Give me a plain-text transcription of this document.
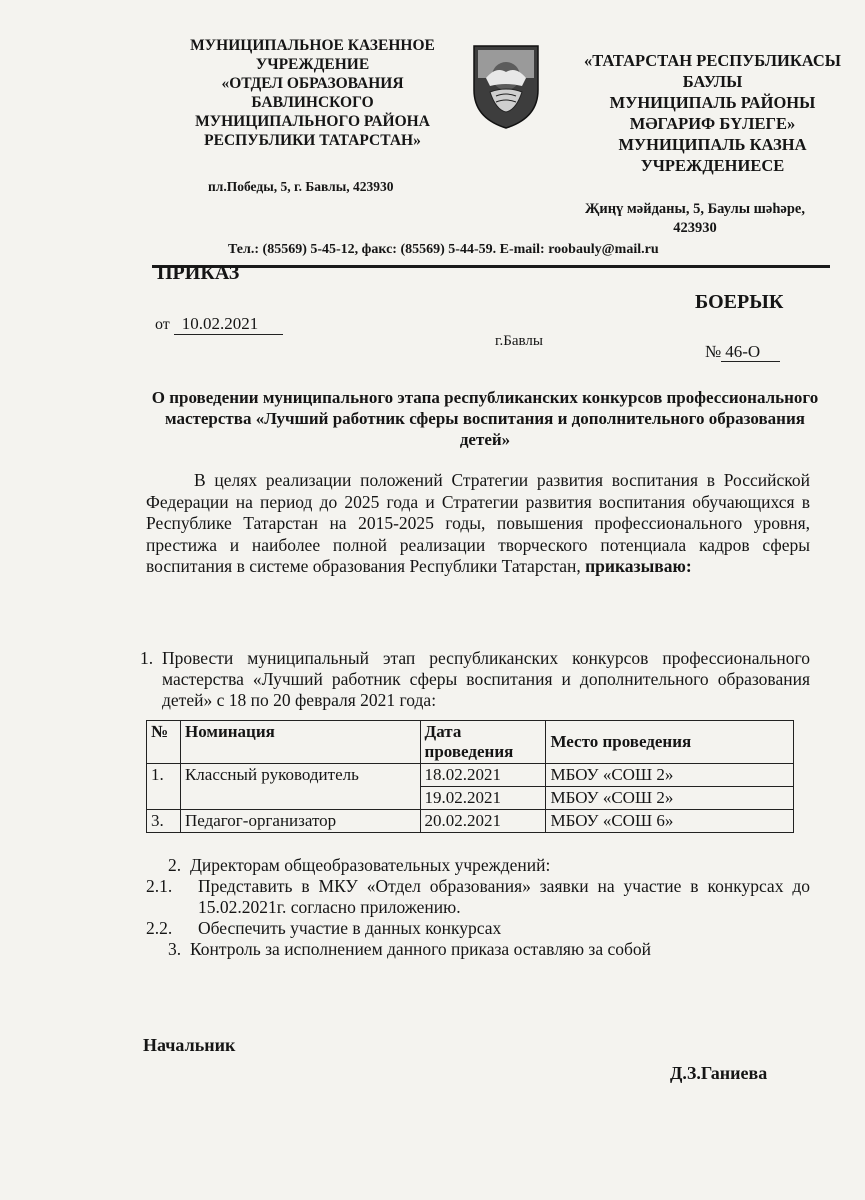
МУНИЦИПАЛЬНОЕ КАЗЕННОЕ УЧРЕЖДЕНИЕ
«ОТДЕЛ ОБРАЗОВАНИЯ
БАВЛИНСКОГО
МУНИЦИПАЛЬНОГО РАЙОНА
РЕСПУБЛИКИ ТАТАРСТАН»
пл.Победы, 5, г. Бавлы, 423930
«ТАТАРСТАН РЕСПУБЛИКАСЫ
БАУЛЫ
МУНИЦИПАЛЬ РАЙОНЫ
МӘГАРИФ БҮЛЕГЕ»
МУНИЦИПАЛЬ КАЗНА
УЧРЕЖДЕНИЕСЕ
Җиңү мәйданы, 5, Баулы шәһәре,
423930
Тел.: (85569) 5-45-12, факс: (85569) 5-44-59. E-mail: roobauly@mail.ru
ПРИКАЗ
БОЕРЫК
от 10.02.2021
г.Бавлы
№ 46-О
О проведении муниципального этапа республиканских конкурсов профессионального мастерства «Лучший работник сферы воспитания и дополнительного образования детей»
В целях реализации положений Стратегии развития воспитания в Российской Федерации на период до 2025 года и Стратегии развития воспитания обучающихся в Республике Татарстан на 2015-2025 годы, повышения профессионального уровня, престижа и наиболее полной реализации творческого потенциала кадров сферы воспитания в системе образования Республики Татарстан, приказываю:
1. Провести муниципальный этап республиканских конкурсов профессионального мастерства «Лучший работник сферы воспитания и дополнительного образования детей» с 18 по 20 февраля 2021 года:
№	Номинация	Дата проведения	Место проведения
1.	Классный руководитель	18.02.2021	МБОУ «СОШ 2»
		19.02.2021	МБОУ «СОШ 2»
3.	Педагог-организатор	20.02.2021	МБОУ «СОШ 6»
2. Директорам общеобразовательных учреждений:
2.1.	Представить в МКУ «Отдел образования» заявки на участие в конкурсах до 15.02.2021г. согласно приложению.
2.2.	Обеспечить участие в данных конкурсах
3. Контроль за исполнением данного приказа оставляю за собой
Начальник
Д.З.Ганиева
